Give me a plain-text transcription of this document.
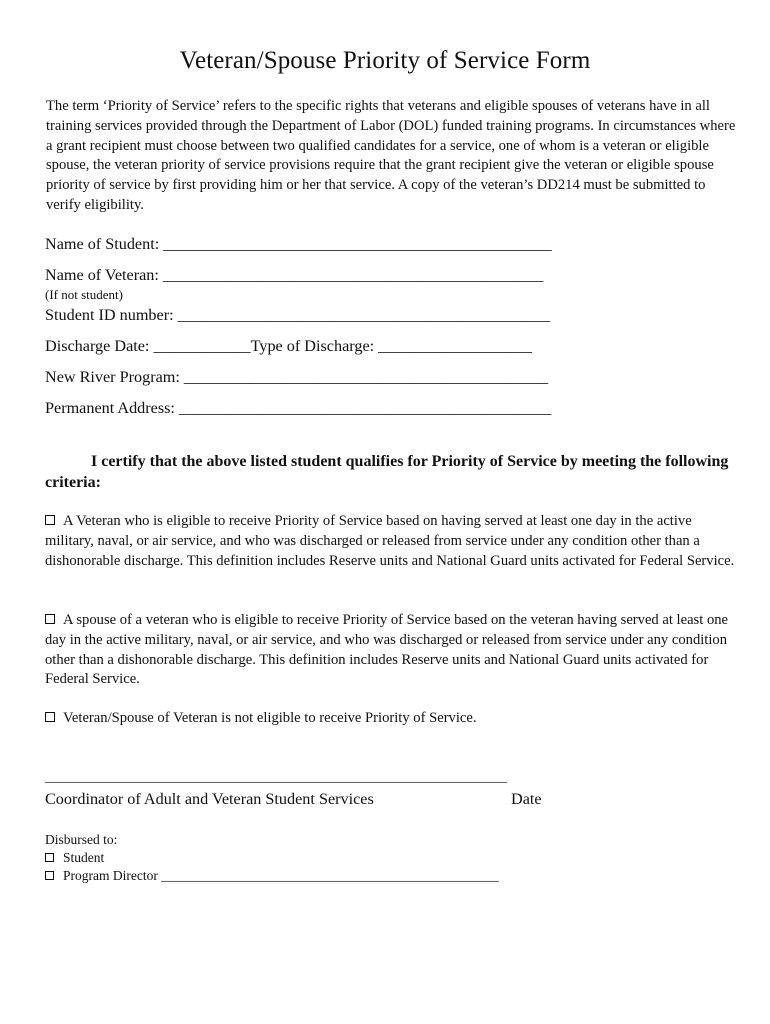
Veteran/Spouse Priority of Service Form
The term ‘Priority of Service’ refers to the specific rights that veterans and eligible spouses of veterans have in all training services provided through the Department of Labor (DOL) funded training programs. In circumstances where a grant recipient must choose between two qualified candidates for a service, one of whom is a veteran or eligible spouse, the veteran priority of service provisions require that the grant recipient give the veteran or eligible spouse priority of service by first providing him or her that service. A copy of the veteran’s DD214 must be submitted to verify eligibility.
Name of Student: ________________________________________________
Name of Veteran: _______________________________________________
(If not student)
Student ID number: ______________________________________________
Discharge Date: ____________Type of Discharge: ___________________
New River Program: _____________________________________________
Permanent Address: ______________________________________________
I certify that the above listed student qualifies for Priority of Service by meeting the following criteria:
A Veteran who is eligible to receive Priority of Service based on having served at least one day in the active military, naval, or air service, and who was discharged or released from service under any condition other than a dishonorable discharge. This definition includes Reserve units and National Guard units activated for Federal Service.
A spouse of a veteran who is eligible to receive Priority of Service based on the veteran having served at least one day in the active military, naval, or air service, and who was discharged or released from service under any condition other than a dishonorable discharge. This definition includes Reserve units and National Guard units activated for Federal Service.
Veteran/Spouse of Veteran is not eligible to receive Priority of Service.
__________________________________________________________________
Coordinator of Adult and Veteran Student Services	Date
Disbursed to:
Student
Program Director __________________________________________________
